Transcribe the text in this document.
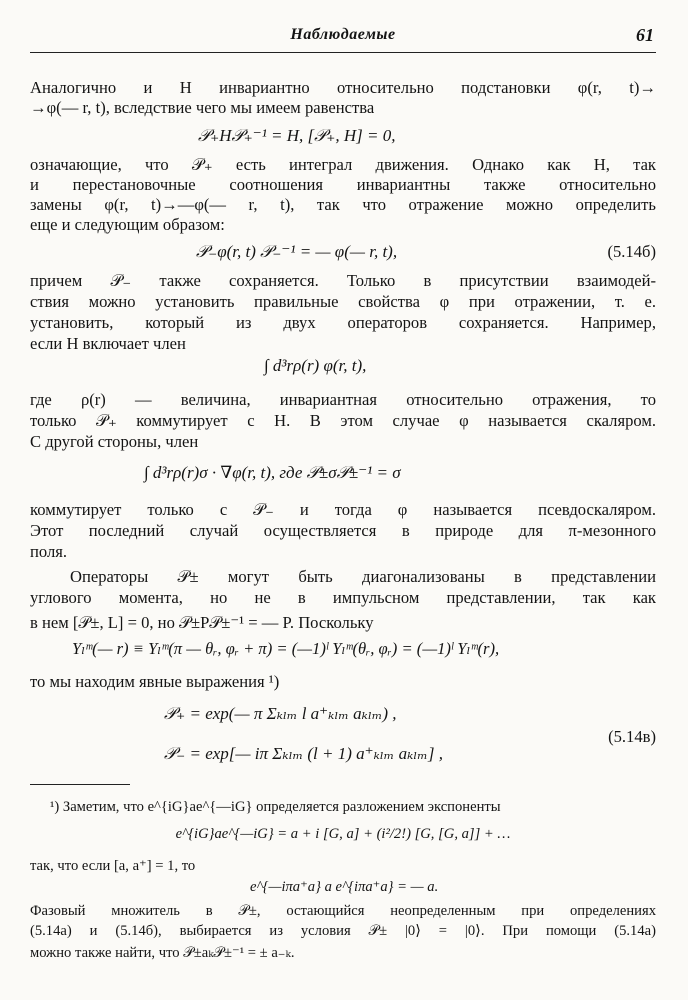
Наблюдаемые	61
Аналогично и H инвариантно относительно подстановки φ(r, t)→
→φ(— r, t), вследствие чего мы имеем равенства
𝒫₊H𝒫₊⁻¹ = H, [𝒫₊, H] = 0,
означающие, что 𝒫₊ есть интеграл движения. Однако как H, так
и перестановочные соотношения инвариантны также относительно
замены φ(r, t)→—φ(— r, t), так что отражение можно определить
еще и следующим образом:
𝒫₋φ(r, t) 𝒫₋⁻¹ = — φ(— r, t),	(5.14б)
причем 𝒫₋ также сохраняется. Только в присутствии взаимодей-
ствия можно установить правильные свойства φ при отражении, т. е.
установить, который из двух операторов сохраняется. Например,
если H включает член
∫ d³rρ(r) φ(r, t),
где ρ(r) — величина, инвариантная относительно отражения, то
только 𝒫₊ коммутирует с H. В этом случае φ называется скаляром.
С другой стороны, член
∫ d³rρ(r)σ · ∇φ(r, t), где 𝒫±σ𝒫±⁻¹ = σ
коммутирует только с 𝒫₋ и тогда φ называется псевдоскаляром.
Этот последний случай осуществляется в природе для π-мезонного
поля.
Операторы 𝒫± могут быть диагонализованы в представлении
углового момента, но не в импульсном представлении, так как
в нем [𝒫±, L] = 0, но 𝒫±P𝒫±⁻¹ = — P. Поскольку
Yₗᵐ(— r) ≡ Yₗᵐ(π — θᵣ, φᵣ + π) = (—1)ˡ Yₗᵐ(θᵣ, φᵣ) = (—1)ˡ Yₗᵐ(r),
то мы находим явные выражения ¹)
𝒫₊ = exp(— π Σₖₗₘ l a⁺ₖₗₘ aₖₗₘ) ,
𝒫₋ = exp[— iπ Σₖₗₘ (l + 1) a⁺ₖₗₘ aₖₗₘ] ,
(5.14в)
¹) Заметим, что e^{iG}ae^{—iG} определяется разложением экспоненты
e^{iG}ae^{—iG} = a + i [G, a] + (i²/2!) [G, [G, a]] + …
так, что если [a, a⁺] = 1, то
e^{—iπa⁺a} a e^{iπa⁺a} = — a.
Фазовый множитель в 𝒫±, остающийся неопределенным при определениях
(5.14а) и (5.14б), выбирается из условия 𝒫± |0⟩ = |0⟩. При помощи (5.14а)
можно также найти, что 𝒫±aₖ𝒫±⁻¹ = ± a₋ₖ.
